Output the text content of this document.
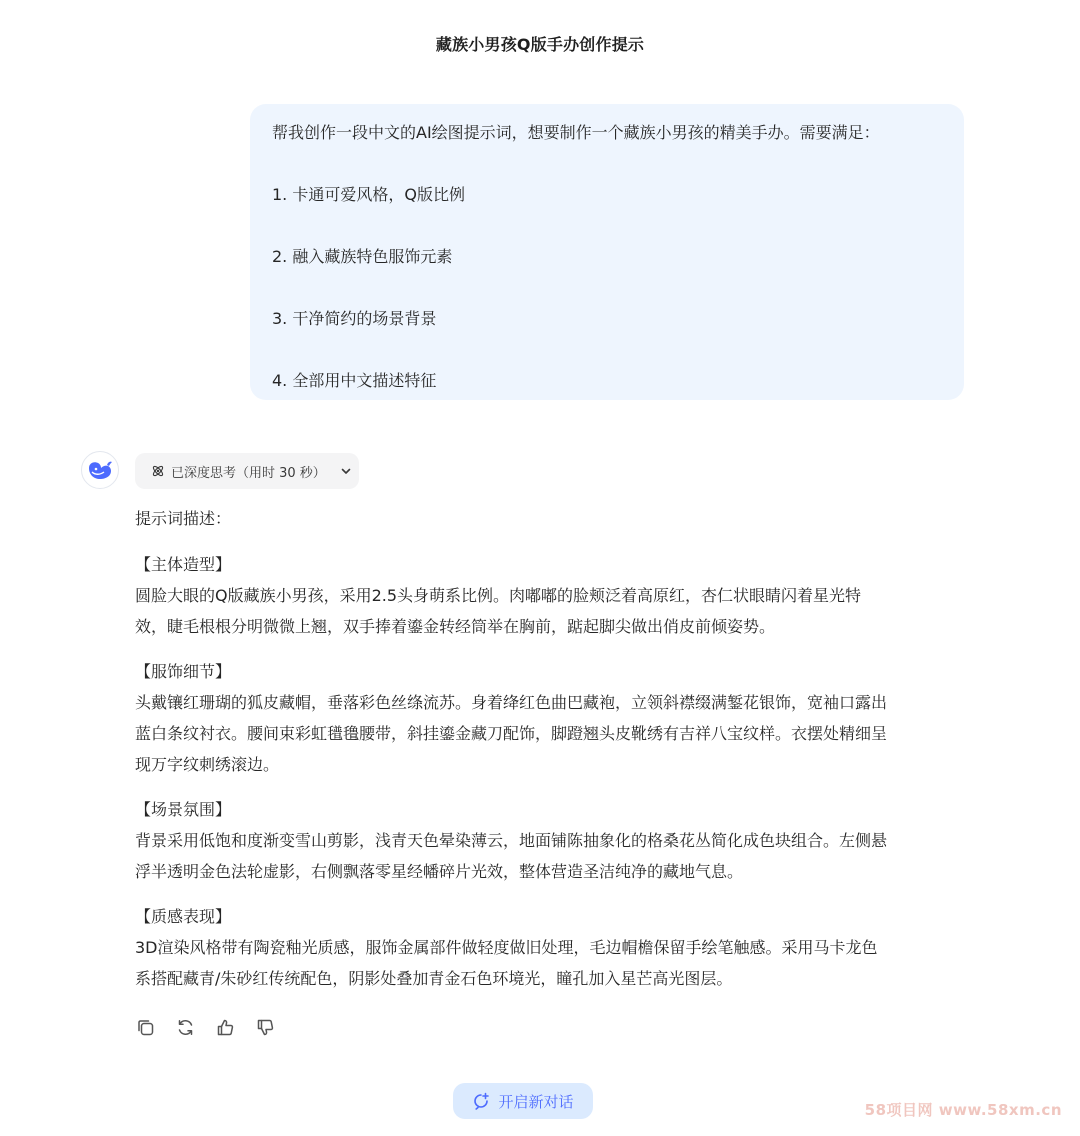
藏族小男孩Q版手办创作提示
帮我创作一段中文的AI绘图提示词，想要制作一个藏族小男孩的精美手办。需要满足：
1. 卡通可爱风格，Q版比例
2. 融入藏族特色服饰元素
3. 干净简约的场景背景
4. 全部用中文描述特征
已深度思考（用时 30 秒）
提示词描述：
【主体造型】
圆脸大眼的Q版藏族小男孩，采用2.5头身萌系比例。肉嘟嘟的脸颊泛着高原红，杏仁状眼睛闪着星光特
效，睫毛根根分明微微上翘，双手捧着鎏金转经筒举在胸前，踮起脚尖做出俏皮前倾姿势。
【服饰细节】
头戴镶红珊瑚的狐皮藏帽，垂落彩色丝绦流苏。身着绛红色曲巴藏袍，立领斜襟缀满錾花银饰，宽袖口露出
蓝白条纹衬衣。腰间束彩虹氆氇腰带，斜挂鎏金藏刀配饰，脚蹬翘头皮靴绣有吉祥八宝纹样。衣摆处精细呈
现万字纹刺绣滚边。
【场景氛围】
背景采用低饱和度渐变雪山剪影，浅青天色晕染薄云，地面铺陈抽象化的格桑花丛简化成色块组合。左侧悬
浮半透明金色法轮虚影，右侧飘落零星经幡碎片光效，整体营造圣洁纯净的藏地气息。
【质感表现】
3D渲染风格带有陶瓷釉光质感，服饰金属部件做轻度做旧处理，毛边帽檐保留手绘笔触感。采用马卡龙色
系搭配藏青/朱砂红传统配色，阴影处叠加青金石色环境光，瞳孔加入星芒高光图层。
开启新对话	58项目网 www.58xm.cn
